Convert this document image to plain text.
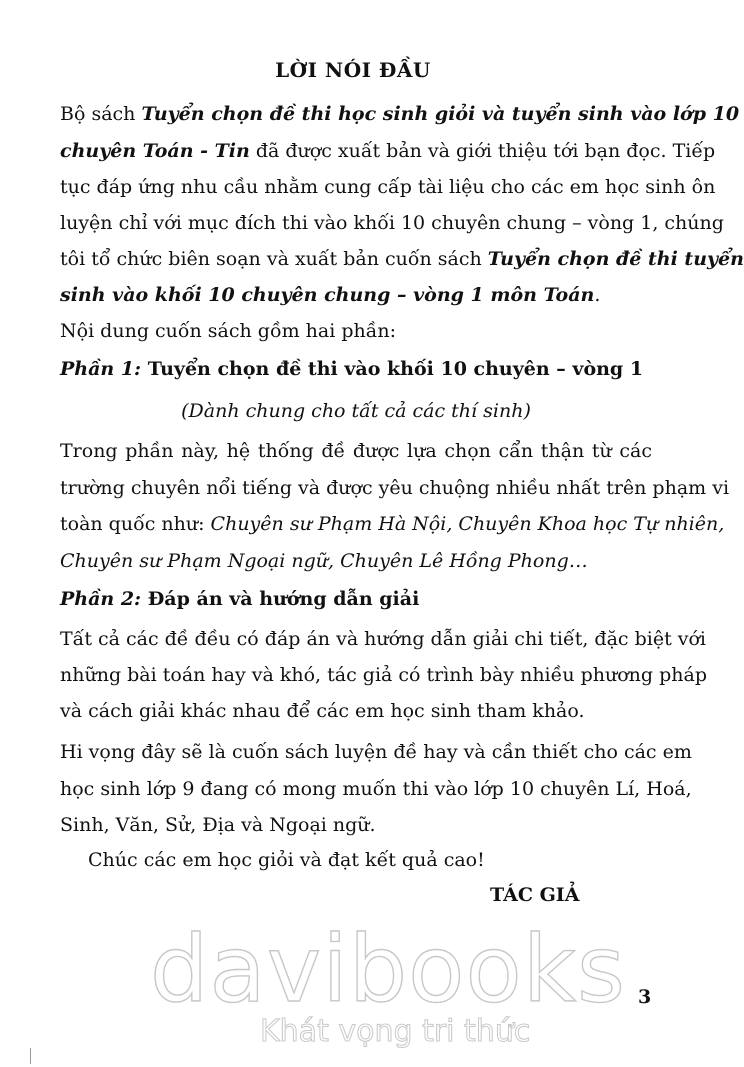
LỜI NÓI ĐẦU
Bộ sách Tuyển chọn đề thi học sinh giỏi và tuyển sinh vào lớp 10
chuyên Toán - Tin đã được xuất bản và giới thiệu tới bạn đọc. Tiếp
tục đáp ứng nhu cầu nhằm cung cấp tài liệu cho các em học sinh ôn
luyện chỉ với mục đích thi vào khối 10 chuyên chung – vòng 1, chúng
tôi tổ chức biên soạn và xuất bản cuốn sách Tuyển chọn đề thi tuyển
sinh vào khối 10 chuyên chung – vòng 1 môn Toán.
Nội dung cuốn sách gồm hai phần:
Phần 1: Tuyển chọn đề thi vào khối 10 chuyên – vòng 1
(Dành chung cho tất cả các thí sinh)
Trong phần này, hệ thống đề được lựa chọn cẩn thận từ các
trường chuyên nổi tiếng và được yêu chuộng nhiều nhất trên phạm vi
toàn quốc như: Chuyên sư Phạm Hà Nội, Chuyên Khoa học Tự nhiên,
Chuyên sư Phạm Ngoại ngữ, Chuyên Lê Hồng Phong…
Phần 2: Đáp án và hướng dẫn giải
Tất cả các đề đều có đáp án và hướng dẫn giải chi tiết, đặc biệt với
những bài toán hay và khó, tác giả có trình bày nhiều phương pháp
và cách giải khác nhau để các em học sinh tham khảo.
Hi vọng đây sẽ là cuốn sách luyện đề hay và cần thiết cho các em
học sinh lớp 9 đang có mong muốn thi vào lớp 10 chuyên Lí, Hoá,
Sinh, Văn, Sử, Địa và Ngoại ngữ.
Chúc các em học giỏi và đạt kết quả cao!
TÁC GIẢ
3
davibooks
Khát vọng tri thức
